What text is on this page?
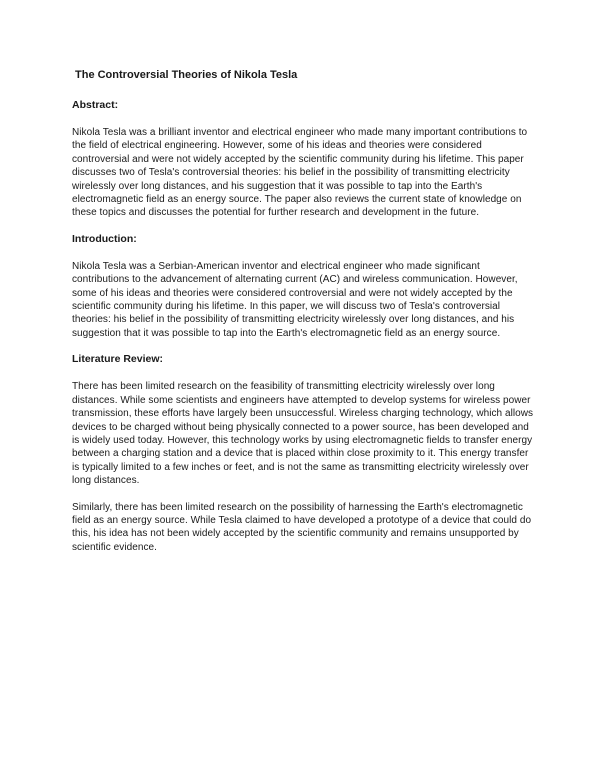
The Controversial Theories of Nikola Tesla

Abstract:

Nikola Tesla was a brilliant inventor and electrical engineer who made many important contributions to the field of electrical engineering. However, some of his ideas and theories were considered controversial and were not widely accepted by the scientific community during his lifetime. This paper discusses two of Tesla's controversial theories: his belief in the possibility of transmitting electricity wirelessly over long distances, and his suggestion that it was possible to tap into the Earth's electromagnetic field as an energy source. The paper also reviews the current state of knowledge on these topics and discusses the potential for further research and development in the future.

Introduction:

Nikola Tesla was a Serbian-American inventor and electrical engineer who made significant contributions to the advancement of alternating current (AC) and wireless communication. However, some of his ideas and theories were considered controversial and were not widely accepted by the scientific community during his lifetime. In this paper, we will discuss two of Tesla's controversial theories: his belief in the possibility of transmitting electricity wirelessly over long distances, and his suggestion that it was possible to tap into the Earth's electromagnetic field as an energy source.

Literature Review:

There has been limited research on the feasibility of transmitting electricity wirelessly over long distances. While some scientists and engineers have attempted to develop systems for wireless power transmission, these efforts have largely been unsuccessful. Wireless charging technology, which allows devices to be charged without being physically connected to a power source, has been developed and is widely used today. However, this technology works by using electromagnetic fields to transfer energy between a charging station and a device that is placed within close proximity to it. This energy transfer is typically limited to a few inches or feet, and is not the same as transmitting electricity wirelessly over long distances.

Similarly, there has been limited research on the possibility of harnessing the Earth's electromagnetic field as an energy source. While Tesla claimed to have developed a prototype of a device that could do this, his idea has not been widely accepted by the scientific community and remains unsupported by scientific evidence.
